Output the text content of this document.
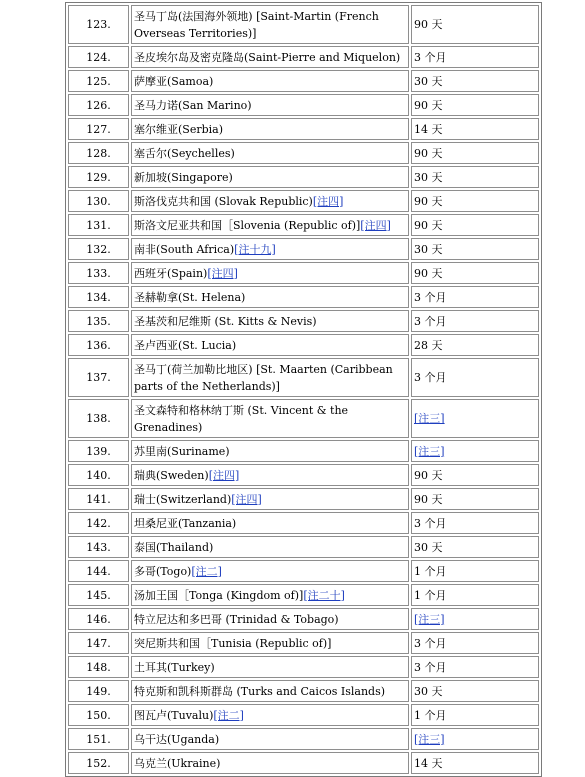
123.	圣马丁岛(法国海外领地) [Saint-Martin (French Overseas Territories)]	90 天
124.	圣皮埃尔岛及密克隆岛(Saint-Pierre and Miquelon)	3 个月
125.	萨摩亚(Samoa)	30 天
126.	圣马力诺(San Marino)	90 天
127.	塞尔维亚(Serbia)	14 天
128.	塞舌尔(Seychelles)	90 天
129.	新加坡(Singapore)	30 天
130.	斯洛伐克共和国 (Slovak Republic)[注四]	90 天
131.	斯洛文尼亚共和国［Slovenia (Republic of)][注四]	90 天
132.	南非(South Africa)[注十九]	30 天
133.	西班牙(Spain)[注四]	90 天
134.	圣赫勒拿(St. Helena)	3 个月
135.	圣基茨和尼维斯 (St. Kitts & Nevis)	3 个月
136.	圣卢西亚(St. Lucia)	28 天
137.	圣马丁(荷兰加勒比地区) [St. Maarten (Caribbean parts of the Netherlands)]	3 个月
138.	圣文森特和格林纳丁斯 (St. Vincent & the Grenadines)	[注三]
139.	苏里南(Suriname)	[注三]
140.	瑞典(Sweden)[注四]	90 天
141.	瑞士(Switzerland)[注四]	90 天
142.	坦桑尼亚(Tanzania)	3 个月
143.	泰国(Thailand)	30 天
144.	多哥(Togo)[注二]	1 个月
145.	汤加王国［Tonga (Kingdom of)][注二十]	1 个月
146.	特立尼达和多巴哥 (Trinidad & Tobago)	[注三]
147.	突尼斯共和国［Tunisia (Republic of)]	3 个月
148.	土耳其(Turkey)	3 个月
149.	特克斯和凯科斯群岛 (Turks and Caicos Islands)	30 天
150.	图瓦卢(Tuvalu)[注二]	1 个月
151.	乌干达(Uganda)	[注三]
152.	乌克兰(Ukraine)	14 天
